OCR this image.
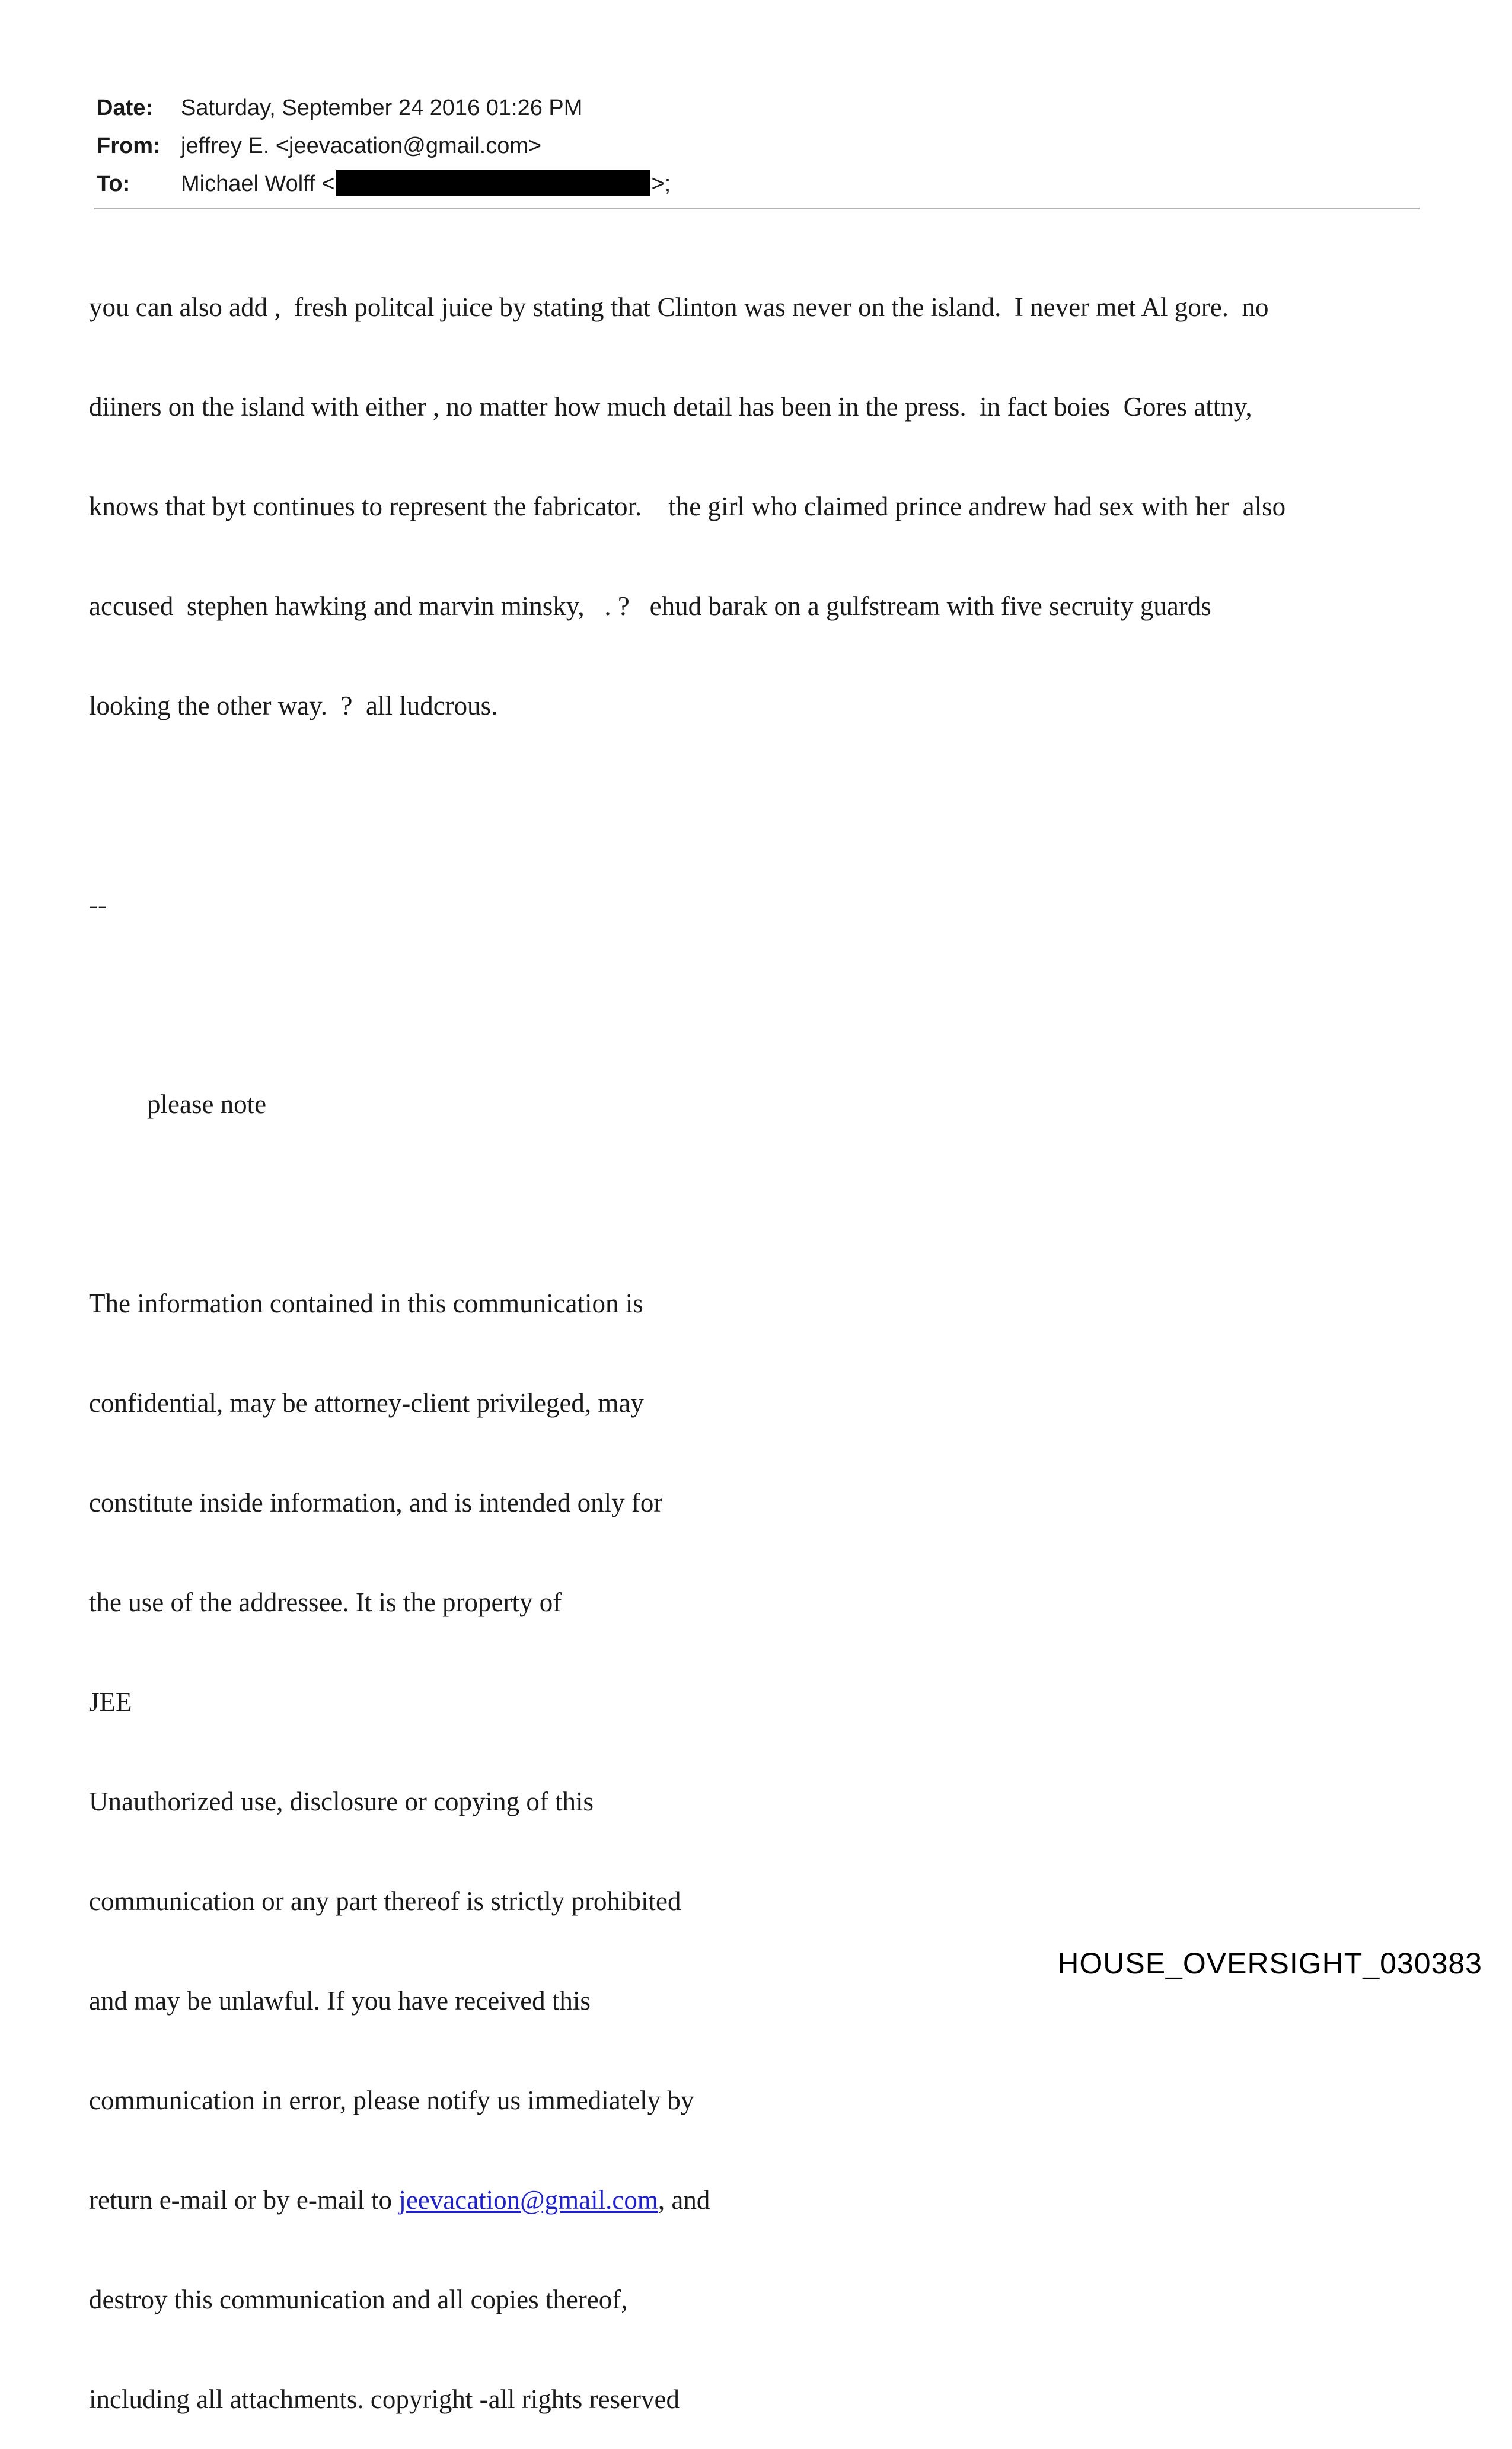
Date: Saturday, September 24 2016 01:26 PM
From: jeffrey E. <jeevacation@gmail.com>
To: Michael Wolff <	>;

you can also add ,  fresh politcal juice by stating that Clinton was never on the island.  I never met Al gore.  no

diiners on the island with either , no matter how much detail has been in the press.  in fact boies  Gores attny,

knows that byt continues to represent the fabricator.    the girl who claimed prince andrew had sex with her  also

accused  stephen hawking and marvin minsky,   . ?   ehud barak on a gulfstream with five secruity guards

looking the other way.  ?  all ludcrous.

--

please note

The information contained in this communication is

confidential, may be attorney-client privileged, may

constitute inside information, and is intended only for

the use of the addressee. It is the property of

JEE

Unauthorized use, disclosure or copying of this

communication or any part thereof is strictly prohibited

and may be unlawful. If you have received this

communication in error, please notify us immediately by

return e-mail or by e-mail to jeevacation@gmail.com, and

destroy this communication and all copies thereof,

including all attachments. copyright -all rights reserved

HOUSE_OVERSIGHT_030383
